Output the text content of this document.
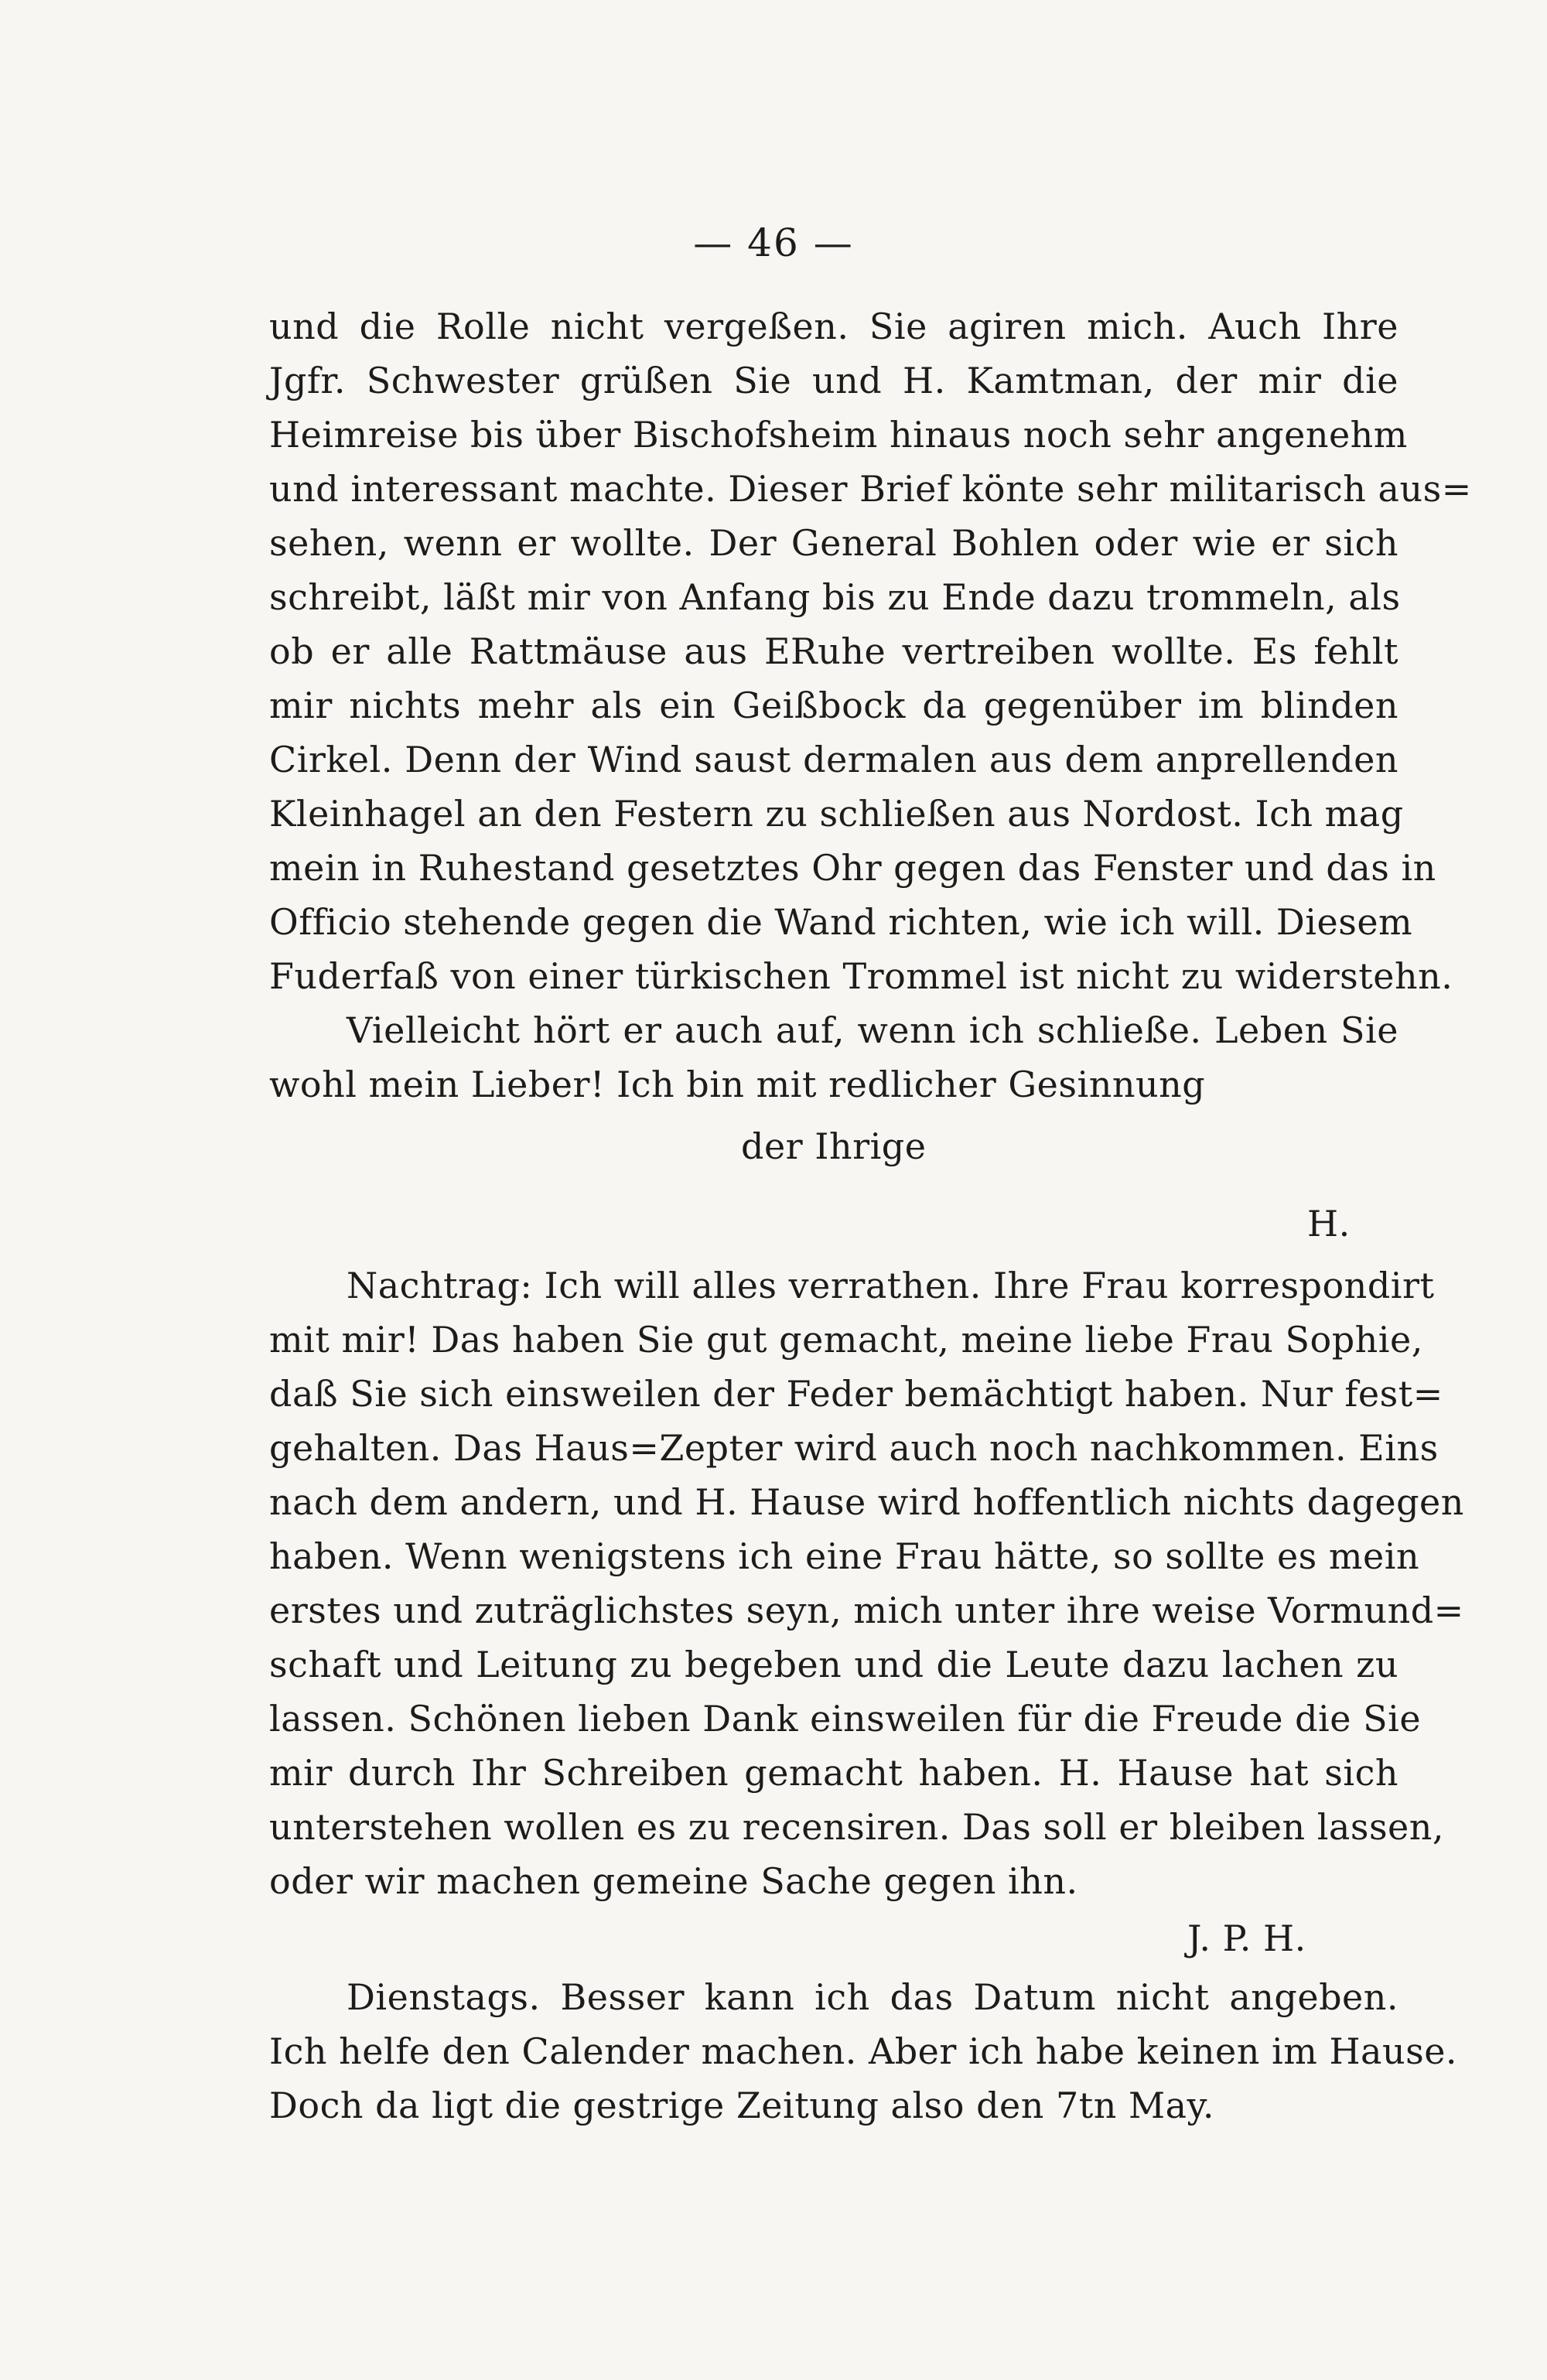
— 46 —
und die Rolle nicht vergeßen. Sie agiren mich. Auch Ihre
Jgfr. Schwester grüßen Sie und H. Kamtman, der mir die
Heimreise bis über Bischofsheim hinaus noch sehr angenehm
und interessant machte. Dieser Brief könte sehr militarisch aus=
sehen, wenn er wollte. Der General Bohlen oder wie er sich
schreibt, läßt mir von Anfang bis zu Ende dazu trommeln, als
ob er alle Rattmäuse aus ERuhe vertreiben wollte. Es fehlt
mir nichts mehr als ein Geißbock da gegenüber im blinden
Cirkel. Denn der Wind saust dermalen aus dem anprellenden
Kleinhagel an den Festern zu schließen aus Nordost. Ich mag
mein in Ruhestand gesetztes Ohr gegen das Fenster und das in
Officio stehende gegen die Wand richten, wie ich will. Diesem
Fuderfaß von einer türkischen Trommel ist nicht zu widerstehn.
Vielleicht hört er auch auf, wenn ich schließe. Leben Sie
wohl mein Lieber! Ich bin mit redlicher Gesinnung
der Ihrige
H.
Nachtrag: Ich will alles verrathen. Ihre Frau korrespondirt
mit mir! Das haben Sie gut gemacht, meine liebe Frau Sophie,
daß Sie sich einsweilen der Feder bemächtigt haben. Nur fest=
gehalten. Das Haus=Zepter wird auch noch nachkommen. Eins
nach dem andern, und H. Hause wird hoffentlich nichts dagegen
haben. Wenn wenigstens ich eine Frau hätte, so sollte es mein
erstes und zuträglichstes seyn, mich unter ihre weise Vormund=
schaft und Leitung zu begeben und die Leute dazu lachen zu
lassen. Schönen lieben Dank einsweilen für die Freude die Sie
mir durch Ihr Schreiben gemacht haben. H. Hause hat sich
unterstehen wollen es zu recensiren. Das soll er bleiben lassen,
oder wir machen gemeine Sache gegen ihn.
J. P. H.
Dienstags. Besser kann ich das Datum nicht angeben.
Ich helfe den Calender machen. Aber ich habe keinen im Hause.
Doch da ligt die gestrige Zeitung also den 7tn May.
